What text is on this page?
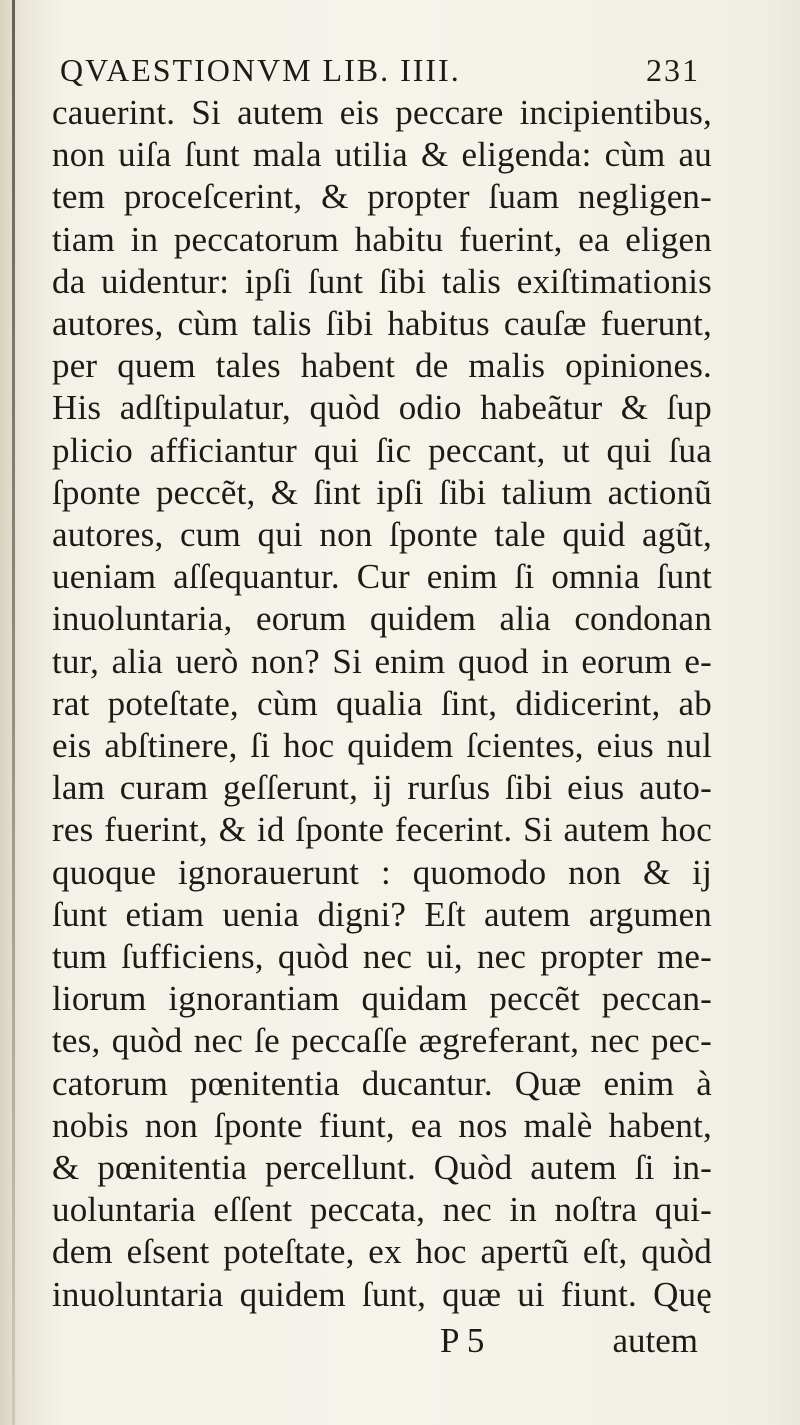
QVAESTIONVM LIB. IIII.	231
cauerint. Si autem eis peccare incipientibus,
non uiſa ſunt mala utilia & eligenda: cùm au
tem proceſcerint, & propter ſuam negligen-
tiam in peccatorum habitu fuerint, ea eligen
da uidentur: ipſi ſunt ſibi talis exiſtimationis
autores, cùm talis ſibi habitus cauſæ fuerunt,
per quem tales habent de malis opiniones.
His adſtipulatur, quòd odio habeãtur & ſup
plicio afficiantur qui ſic peccant, ut qui ſua
ſponte peccẽt, & ſint ipſi ſibi talium actionũ
autores, cum qui non ſponte tale quid agũt,
ueniam aſſequantur. Cur enim ſi omnia ſunt
inuoluntaria, eorum quidem alia condonan
tur, alia uerò non? Si enim quod in eorum e-
rat poteſtate, cùm qualia ſint, didicerint, ab
eis abſtinere, ſi hoc quidem ſcientes, eius nul
lam curam geſſerunt, ij rurſus ſibi eius auto-
res fuerint, & id ſponte fecerint. Si autem hoc
quoque ignorauerunt : quomodo non & ij
ſunt etiam uenia digni? Eſt autem argumen
tum ſufficiens, quòd nec ui, nec propter me-
liorum ignorantiam quidam peccẽt peccan-
tes, quòd nec ſe peccaſſe ægreferant, nec pec-
catorum pœnitentia ducantur. Quæ enim à
nobis non ſponte fiunt, ea nos malè habent,
& pœnitentia percellunt. Quòd autem ſi in-
uoluntaria eſſent peccata, nec in noſtra qui-
dem eſsent poteſtate, ex hoc apertũ eſt, quòd
inuoluntaria quidem ſunt, quæ ui fiunt. Quę
P 5	autem
